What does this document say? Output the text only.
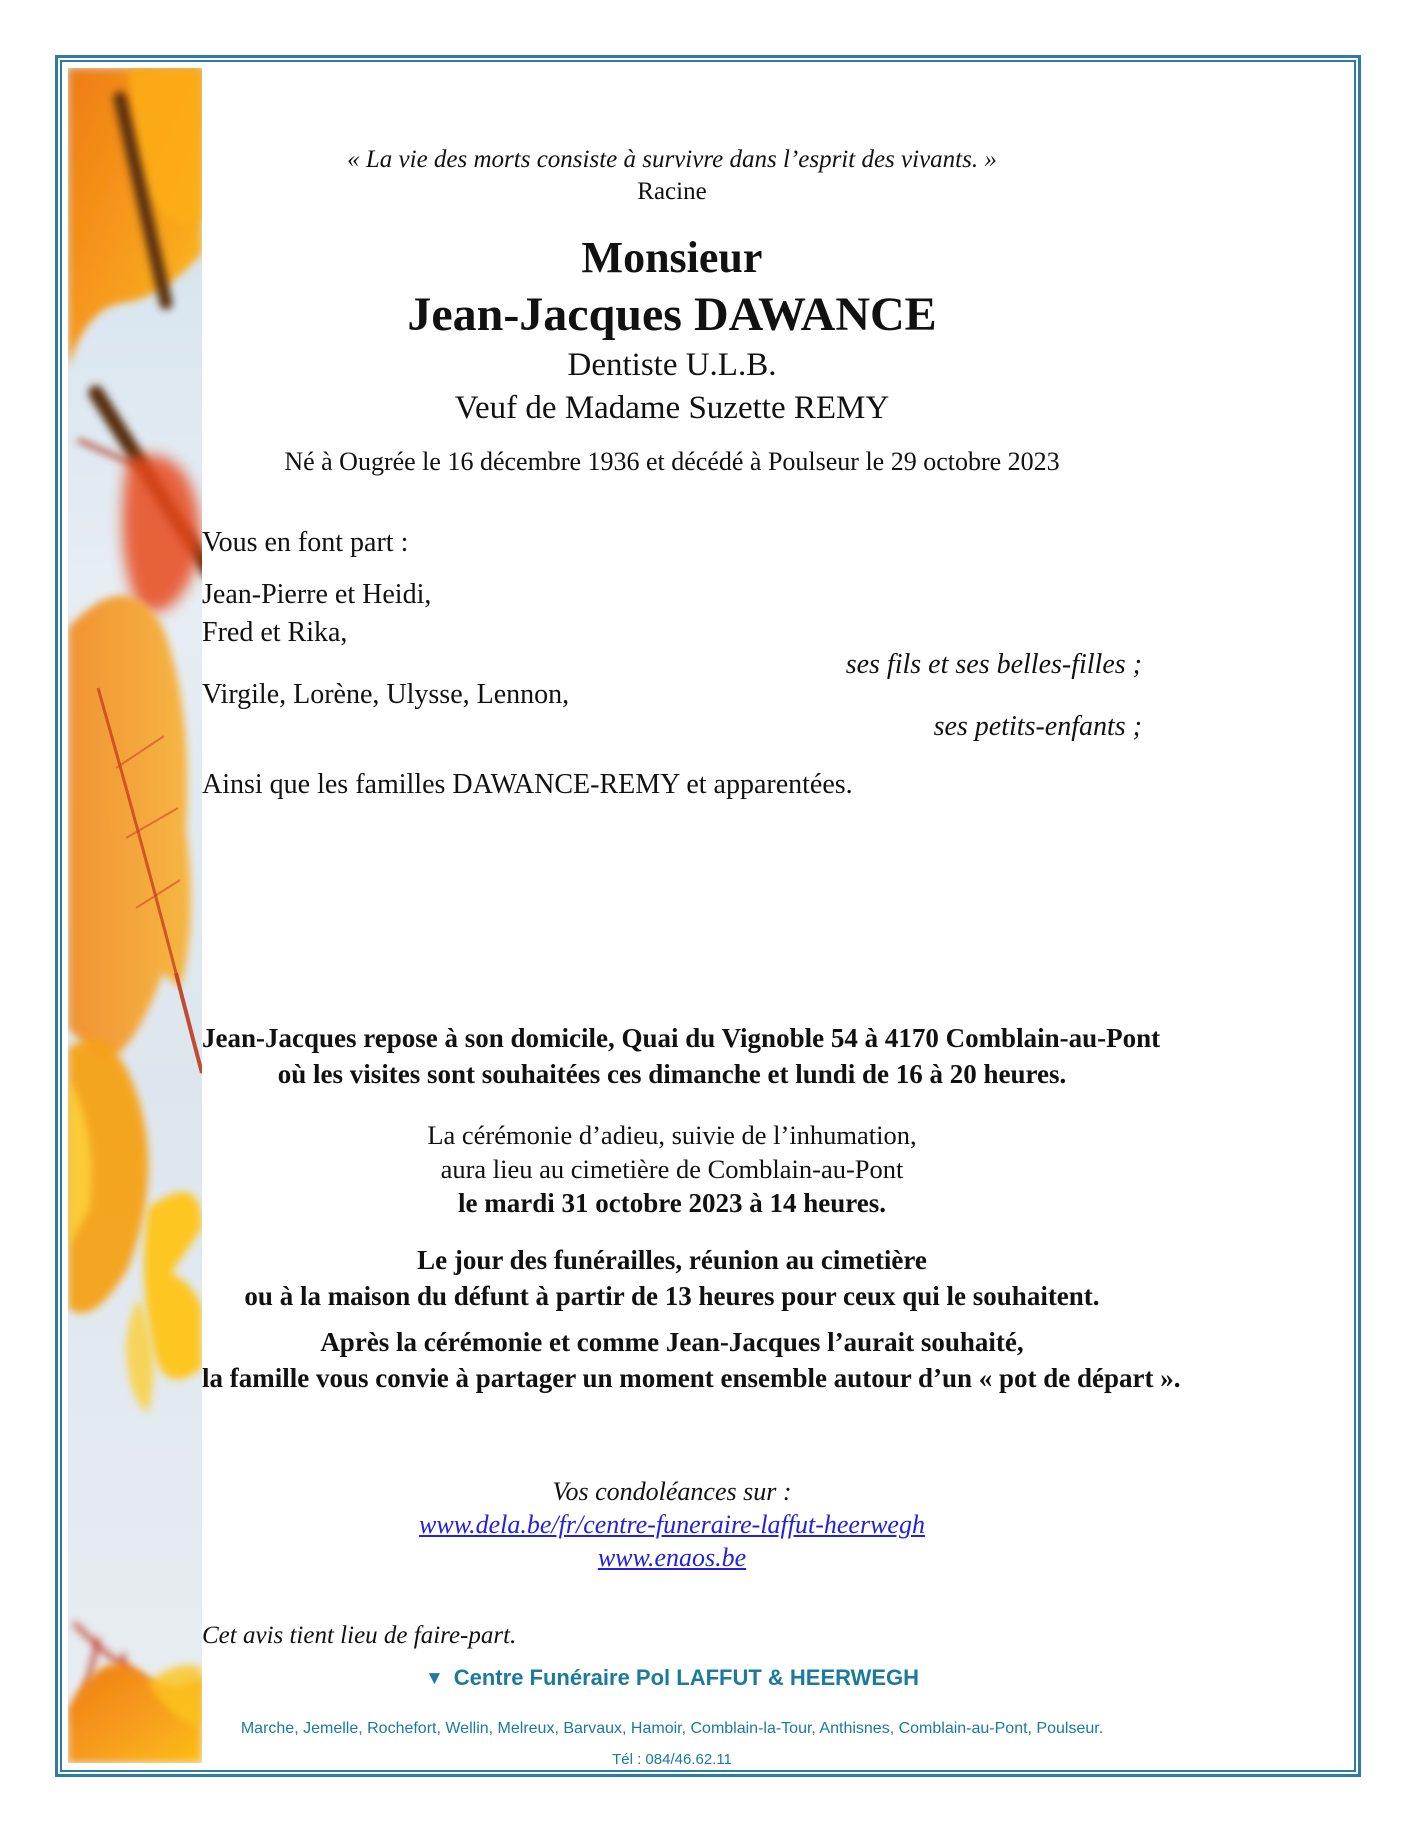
« La vie des morts consiste à survivre dans l’esprit des vivants. »
Racine
Monsieur
Jean-Jacques DAWANCE
Dentiste U.L.B.
Veuf de Madame Suzette REMY
Né à Ougrée le 16 décembre 1936 et décédé à Poulseur le 29 octobre 2023
Vous en font part :
Jean-Pierre et Heidi,
Fred et Rika,
ses fils et ses belles-filles ;
Virgile, Lorène, Ulysse, Lennon,
ses petits-enfants ;
Ainsi que les familles DAWANCE-REMY et apparentées.
Jean-Jacques repose à son domicile, Quai du Vignoble 54 à 4170 Comblain-au-Pont
où les visites sont souhaitées ces dimanche et lundi de 16 à 20 heures.
La cérémonie d’adieu, suivie de l’inhumation,
aura lieu au cimetière de Comblain-au-Pont
le mardi 31 octobre 2023 à 14 heures.
Le jour des funérailles, réunion au cimetière
ou à la maison du défunt à partir de 13 heures pour ceux qui le souhaitent.
Après la cérémonie et comme Jean-Jacques l’aurait souhaité,
la famille vous convie à partager un moment ensemble autour d’un « pot de départ ».
Vos condoléances sur :
www.dela.be/fr/centre-funeraire-laffut-heerwegh
www.enaos.be
Cet avis tient lieu de faire-part.
▼ Centre Funéraire Pol LAFFUT & HEERWEGH
Marche, Jemelle, Rochefort, Wellin, Melreux, Barvaux, Hamoir, Comblain-la-Tour, Anthisnes, Comblain-au-Pont, Poulseur.
Tél : 084/46.62.11
